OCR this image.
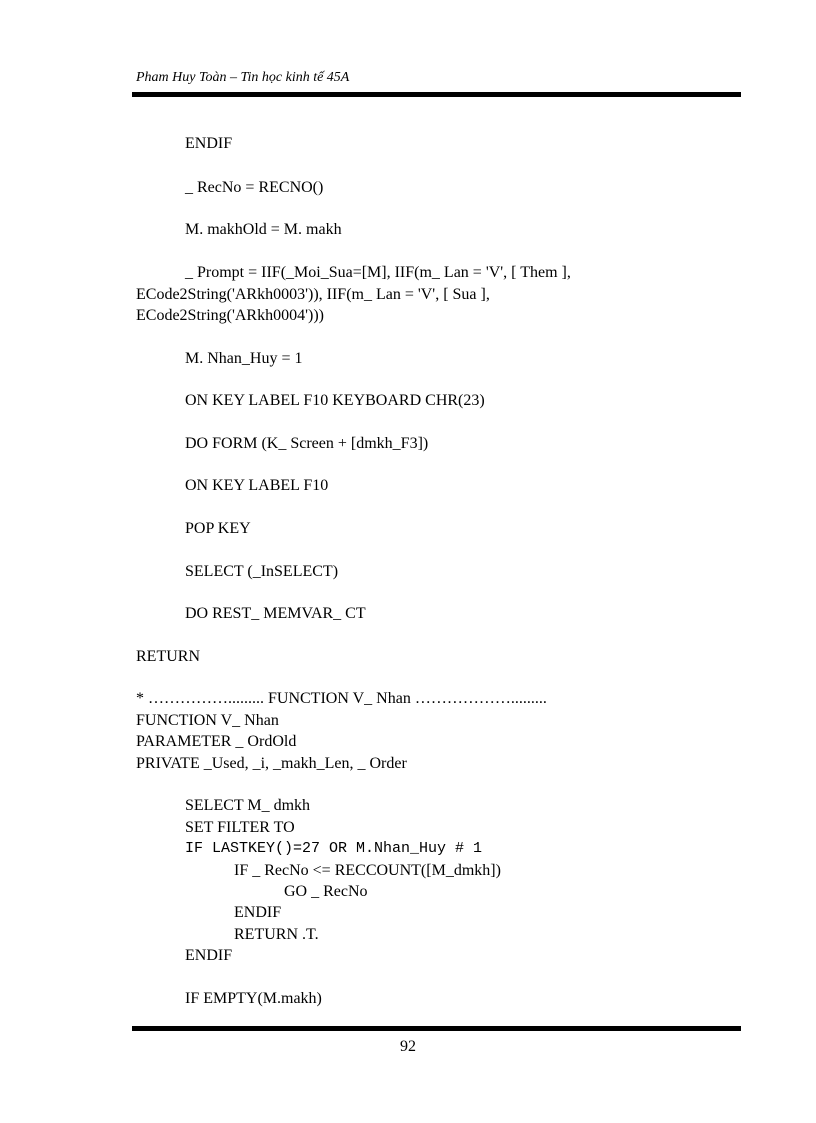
Pham Huy Toàn – Tin học kinh tế 45A
ENDIF
_ RecNo = RECNO()
M. makhOld = M. makh
_ Prompt = IIF(_Moi_Sua=[M], IIF(m_ Lan = 'V', [ Them ],
ECode2String('ARkh0003')), IIF(m_ Lan = 'V', [ Sua ],
ECode2String('ARkh0004')))
M. Nhan_Huy = 1
ON KEY LABEL F10 KEYBOARD CHR(23)
DO FORM (K_ Screen + [dmkh_F3])
ON KEY LABEL F10
POP KEY
SELECT (_InSELECT)
DO REST_ MEMVAR_ CT
RETURN
* ……………......... FUNCTION V_ Nhan ……………….........
FUNCTION V_ Nhan
PARAMETER _ OrdOld
PRIVATE _Used, _i, _makh_Len, _ Order
SELECT M_ dmkh
SET FILTER TO
IF LASTKEY()=27 OR M.Nhan_Huy # 1
IF _ RecNo <= RECCOUNT([M_dmkh])
GO _ RecNo
ENDIF
RETURN .T.
ENDIF
IF EMPTY(M.makh)
92
